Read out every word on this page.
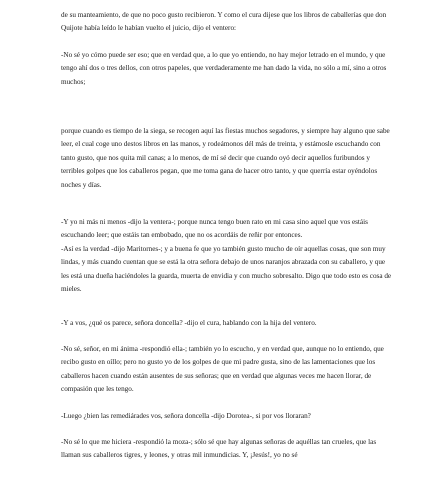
de su manteamiento, de que no poco gusto recibieron. Y como el cura dijese que los libros de caballerías que don Quijote había leído le habían vuelto el juicio, dijo el ventero:

-No sé yo cómo puede ser eso; que en verdad que, a lo que yo entiendo, no hay mejor letrado en el mundo, y que tengo ahí dos o tres dellos, con otros papeles, que verdaderamente me han dado la vida, no sólo a mí, sino a otros muchos;

porque cuando es tiempo de la siega, se recogen aquí las fiestas muchos segadores, y siempre hay alguno que sabe leer, el cual coge uno destos libros en las manos, y rodeámonos dél más de treinta, y estámosle escuchando con tanto gusto, que nos quita mil canas; a lo menos, de mí sé decir que cuando oyó decir aquellos furibundos y terribles golpes que los caballeros pegan, que me toma gana de hacer otro tanto, y que querría estar oyéndolos noches y días.

-Y yo ni más ni menos -dijo la ventera-; porque nunca tengo buen rato en mi casa sino aquel que vos estáis escuchando leer; que estáis tan embobado, que no os acordáis de reñir por entonces.

-Así es la verdad -dijo Maritornes-; y a buena fe que yo también gusto mucho de oír aquellas cosas, que son muy lindas, y más cuando cuentan que se está la otra señora debajo de unos naranjos abrazada con su caballero, y que les está una dueña haciéndoles la guarda, muerta de envidia y con mucho sobresalto. Digo que todo esto es cosa de mieles.

-Y a vos, ¿qué os parece, señora doncella? -dijo el cura, hablando con la hija del ventero.

-No sé, señor, en mi ánima -respondió ella-; también yo lo escucho, y en verdad que, aunque no lo entiendo, que recibo gusto en oíllo; pero no gusto yo de los golpes de que mi padre gusta, sino de las lamentaciones que los caballeros hacen cuando están ausentes de sus señoras; que en verdad que algunas veces me hacen llorar, de compasión que les tengo.

-Luego ¿bien las remediárades vos, señora doncella -dijo Dorotea-, si por vos lloraran?

-No sé lo que me hiciera -respondió la moza-; sólo sé que hay algunas señoras de aquéllas tan crueles, que las llaman sus caballeros tigres, y leones, y otras mil inmundicias. Y, ¡Jesús!, yo no sé
